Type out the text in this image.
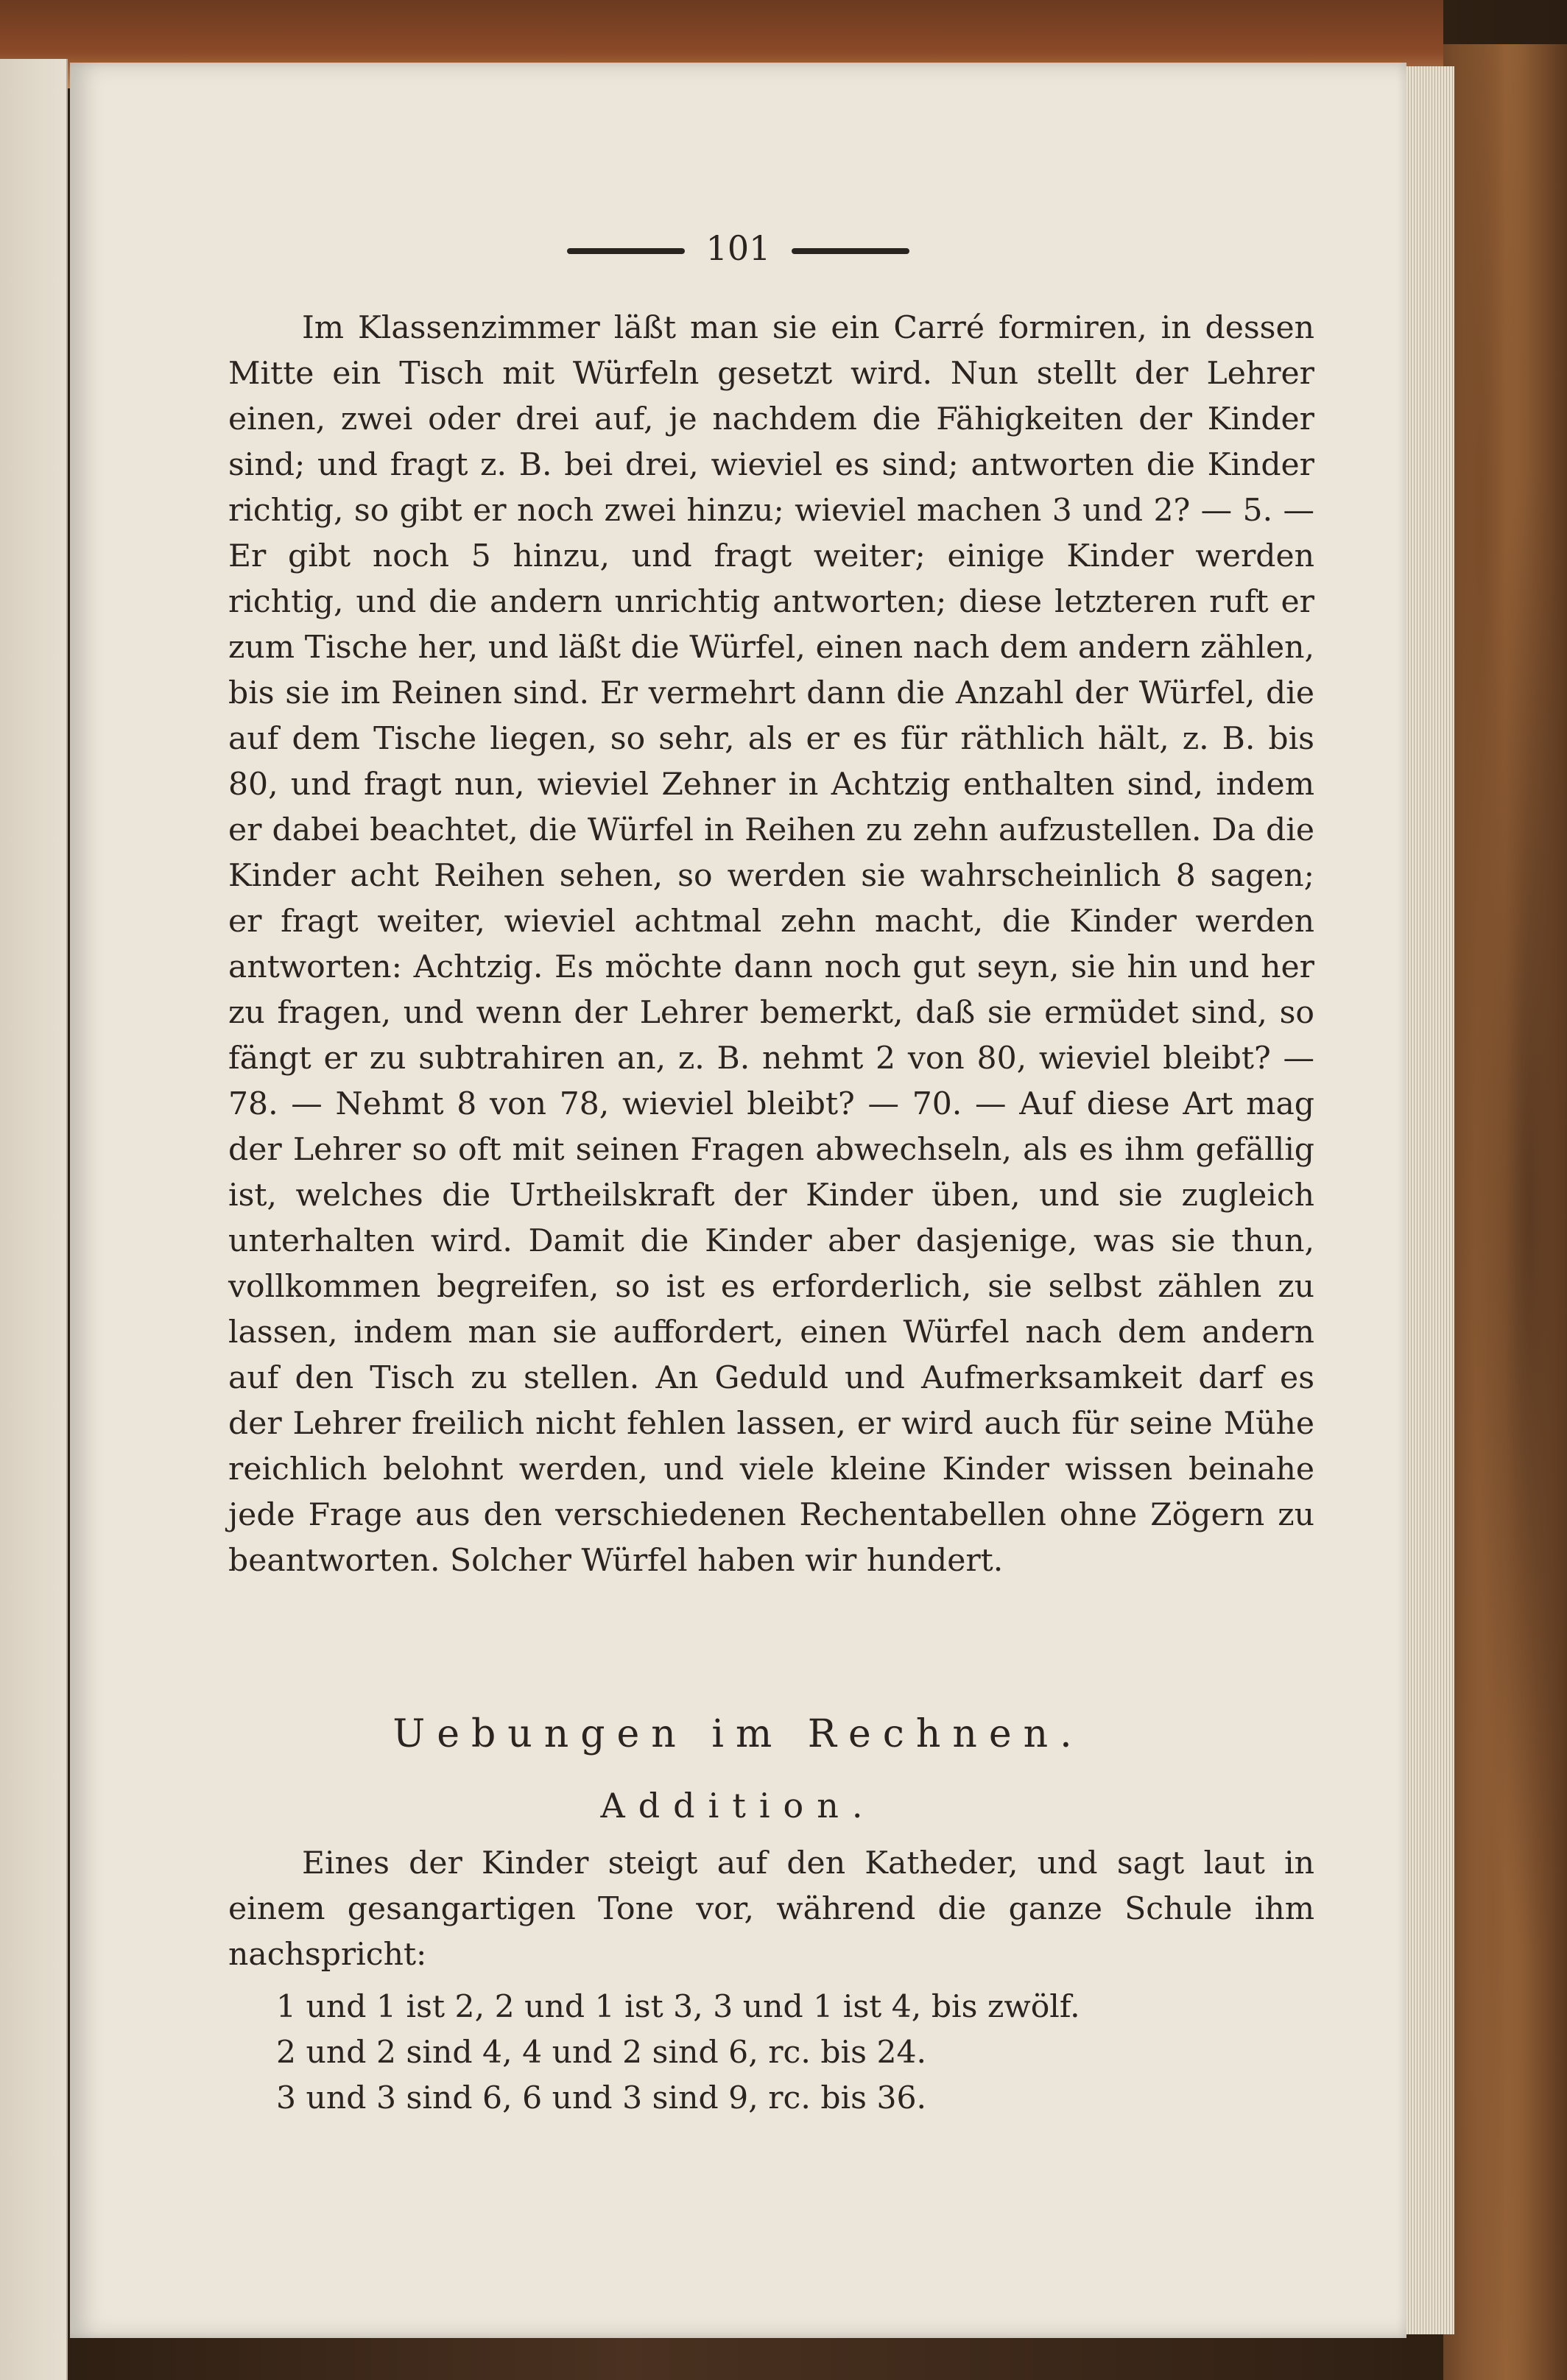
101

Im Klassenzimmer läßt man sie ein Carré formiren, in dessen Mitte ein Tisch mit Würfeln gesetzt wird. Nun stellt der Lehrer einen, zwei oder drei auf, je nachdem die Fähigkeiten der Kinder sind; und fragt z. B. bei drei, wieviel es sind; antworten die Kinder richtig, so gibt er noch zwei hinzu; wieviel machen 3 und 2? — 5. — Er gibt noch 5 hinzu, und fragt weiter; einige Kinder werden richtig, und die andern unrichtig antworten; diese letzteren ruft er zum Tische her, und läßt die Würfel, einen nach dem andern zählen, bis sie im Reinen sind. Er vermehrt dann die Anzahl der Würfel, die auf dem Tische liegen, so sehr, als er es für räthlich hält, z. B. bis 80, und fragt nun, wieviel Zehner in Achtzig enthalten sind, indem er dabei beachtet, die Würfel in Reihen zu zehn aufzustellen. Da die Kinder acht Reihen sehen, so werden sie wahrscheinlich 8 sagen; er fragt weiter, wieviel achtmal zehn macht, die Kinder werden antworten: Achtzig. Es möchte dann noch gut seyn, sie hin und her zu fragen, und wenn der Lehrer bemerkt, daß sie ermüdet sind, so fängt er zu subtrahiren an, z. B. nehmt 2 von 80, wieviel bleibt? — 78. — Nehmt 8 von 78, wieviel bleibt? — 70. — Auf diese Art mag der Lehrer so oft mit seinen Fragen abwechseln, als es ihm gefällig ist, welches die Urtheilskraft der Kinder üben, und sie zugleich unterhalten wird. Damit die Kinder aber dasjenige, was sie thun, vollkommen begreifen, so ist es erforderlich, sie selbst zählen zu lassen, indem man sie auffordert, einen Würfel nach dem andern auf den Tisch zu stellen. An Geduld und Aufmerksamkeit darf es der Lehrer freilich nicht fehlen lassen, er wird auch für seine Mühe reichlich belohnt werden, und viele kleine Kinder wissen beinahe jede Frage aus den verschiedenen Rechentabellen ohne Zögern zu beantworten. Solcher Würfel haben wir hundert.

Uebungen im Rechnen.
Addition.

Eines der Kinder steigt auf den Katheder, und sagt laut in einem gesangartigen Tone vor, während die ganze Schule ihm nachspricht:

1 und 1 ist 2, 2 und 1 ist 3, 3 und 1 ist 4, bis zwölf.
2 und 2 sind 4, 4 und 2 sind 6, rc. bis 24.
3 und 3 sind 6, 6 und 3 sind 9, rc. bis 36.
